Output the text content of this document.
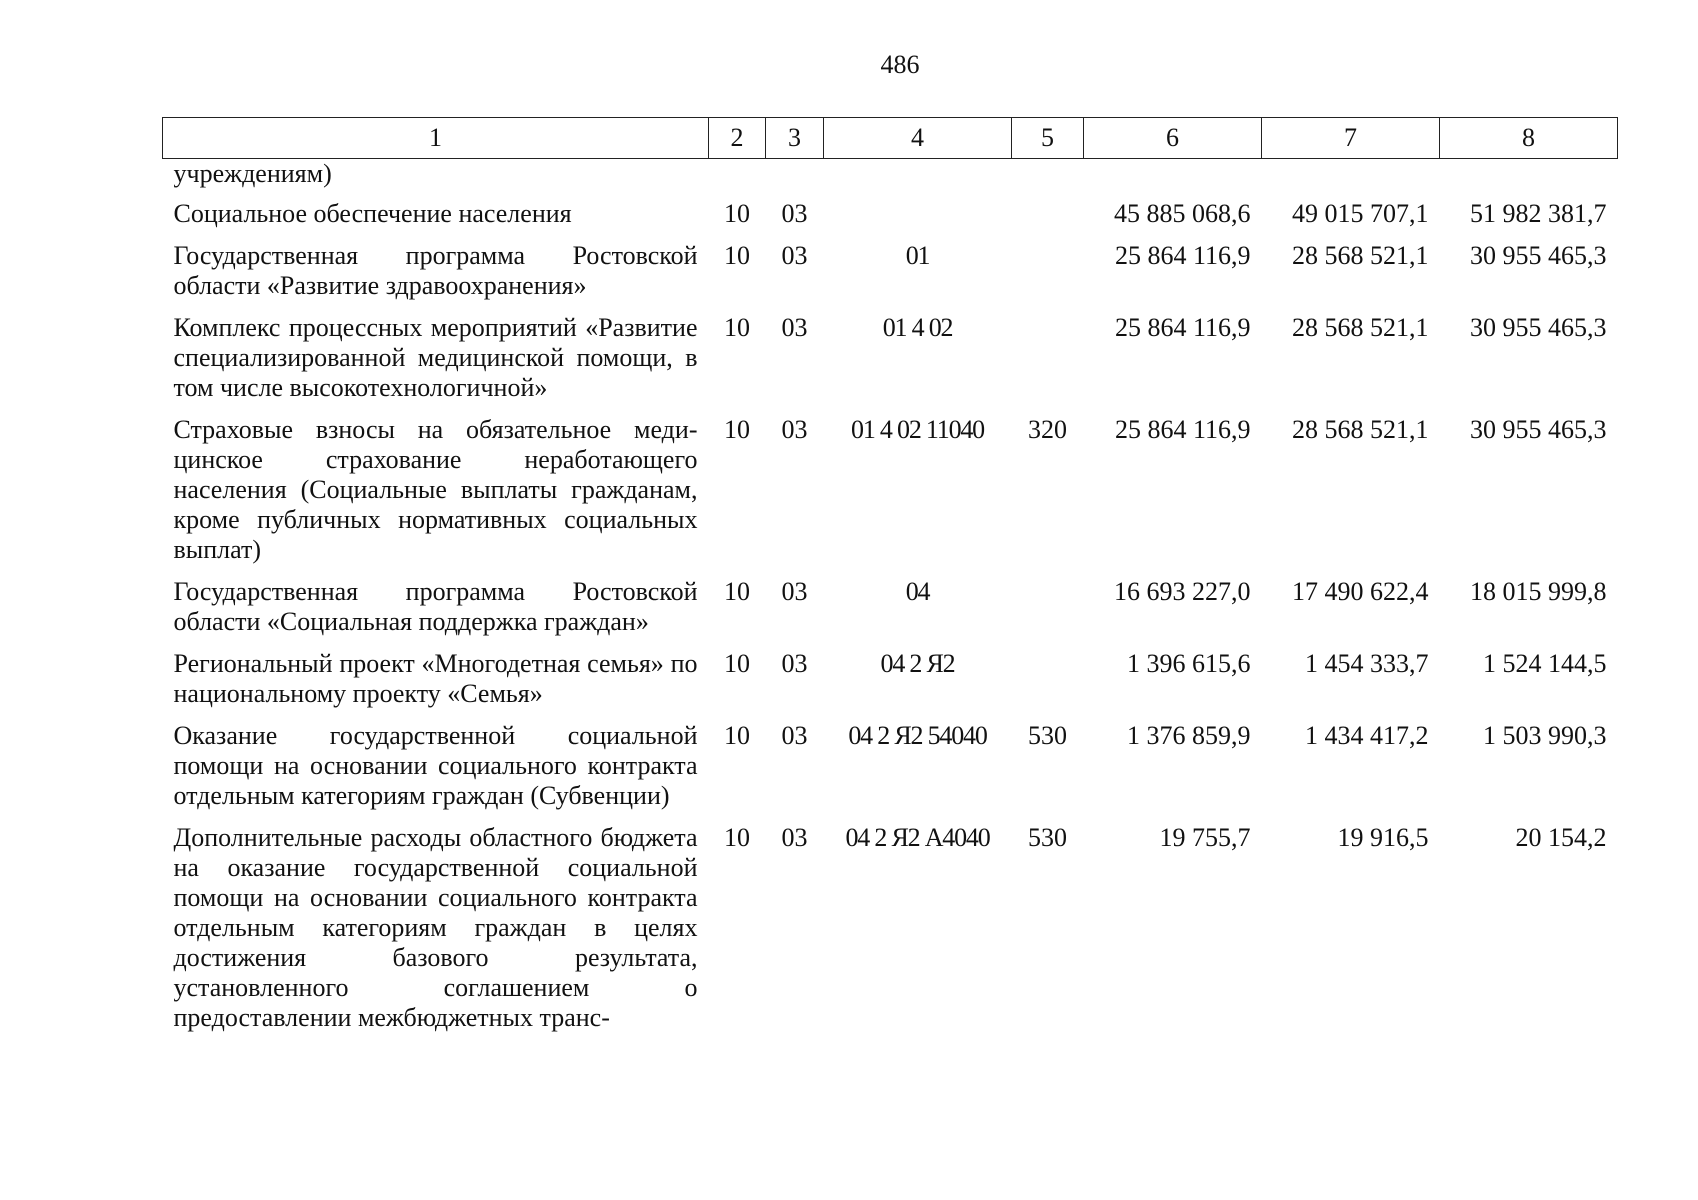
486
1	2	3	4	5	6	7	8
учреждениям)							
Социальное обеспечение населения	10	03			45 885 068,6	49 015 707,1	51 982 381,7
Государственная программа Ростовской области «Развитие здравоохранения»	10	03	01		25 864 116,9	28 568 521,1	30 955 465,3
Комплекс процессных мероприятий «Развитие специализированной медицинской помощи, в том числе высокотехнологичной»	10	03	01 4 02		25 864 116,9	28 568 521,1	30 955 465,3
Страховые взносы на обязательное медицинское страхование неработающего населения (Социальные выплаты гражданам, кроме публичных нормативных социальных выплат)	10	03	01 4 02 11040	320	25 864 116,9	28 568 521,1	30 955 465,3
Государственная программа Ростовской области «Социальная поддержка граждан»	10	03	04		16 693 227,0	17 490 622,4	18 015 999,8
Региональный проект «Многодетная семья» по национальному проекту «Семья»	10	03	04 2 Я2		1 396 615,6	1 454 333,7	1 524 144,5
Оказание государственной социальной помощи на основании социального контракта отдельным категориям граждан (Субвенции)	10	03	04 2 Я2 54040	530	1 376 859,9	1 434 417,2	1 503 990,3
Дополнительные расходы областного бюджета на оказание государственной социальной помощи на основании социального контракта отдельным категориям граждан в целях достижения базового результата, установленного соглашением о предоставлении межбюджетных транс-	10	03	04 2 Я2 А4040	530	19 755,7	19 916,5	20 154,2
